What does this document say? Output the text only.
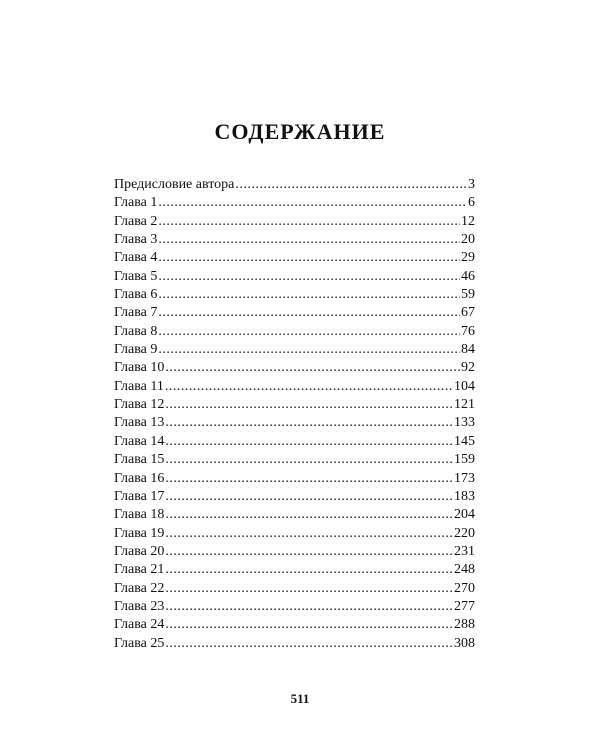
СОДЕРЖАНИЕ
Предисловие автора .....	3
Глава 1 .....	6
Глава 2 .....	12
Глава 3 .....	20
Глава 4 .....	29
Глава 5 .....	46
Глава 6 .....	59
Глава 7 .....	67
Глава 8 .....	76
Глава 9 .....	84
Глава 10 .....	92
Глава 11 .....	104
Глава 12 .....	121
Глава 13 .....	133
Глава 14 .....	145
Глава 15 .....	159
Глава 16 .....	173
Глава 17 .....	183
Глава 18 .....	204
Глава 19 .....	220
Глава 20 .....	231
Глава 21 .....	248
Глава 22 .....	270
Глава 23 .....	277
Глава 24 .....	288
Глава 25 .....	308

511
